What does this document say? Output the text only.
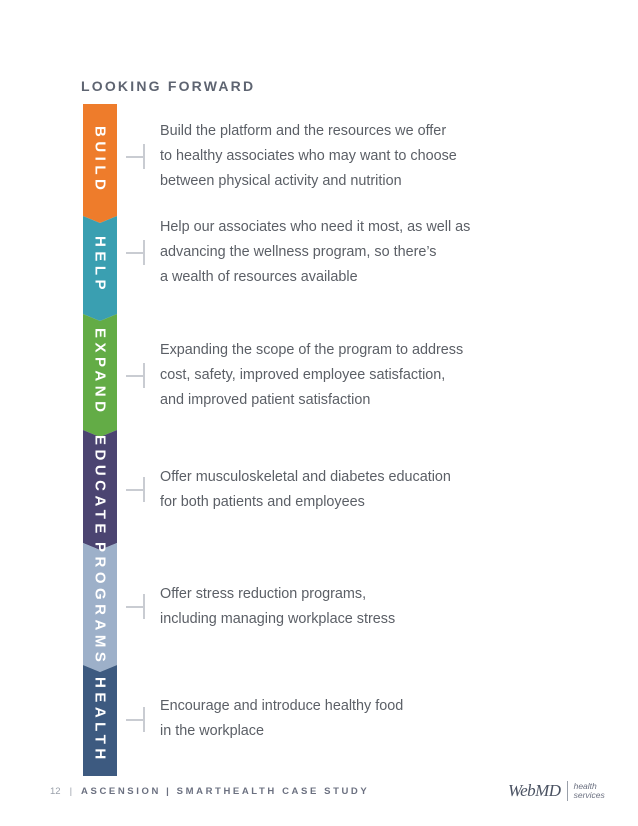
LOOKING FORWARD
BUILD
HELP
EXPAND
EDUCATE
PROGRAMS
HEALTH

Build the platform and the resources we offer
to healthy associates who may want to choose
between physical activity and nutrition

Help our associates who need it most, as well as
advancing the wellness program, so there’s
a wealth of resources available

Expanding the scope of the program to address
cost, safety, improved employee satisfaction,
and improved patient satisfaction

Offer musculoskeletal and diabetes education
for both patients and employees

Offer stress reduction programs,
including managing workplace stress

Encourage and introduce healthy food
in the workplace

12 | ASCENSION | SMARTHEALTH CASE STUDY	WebMD health
services
